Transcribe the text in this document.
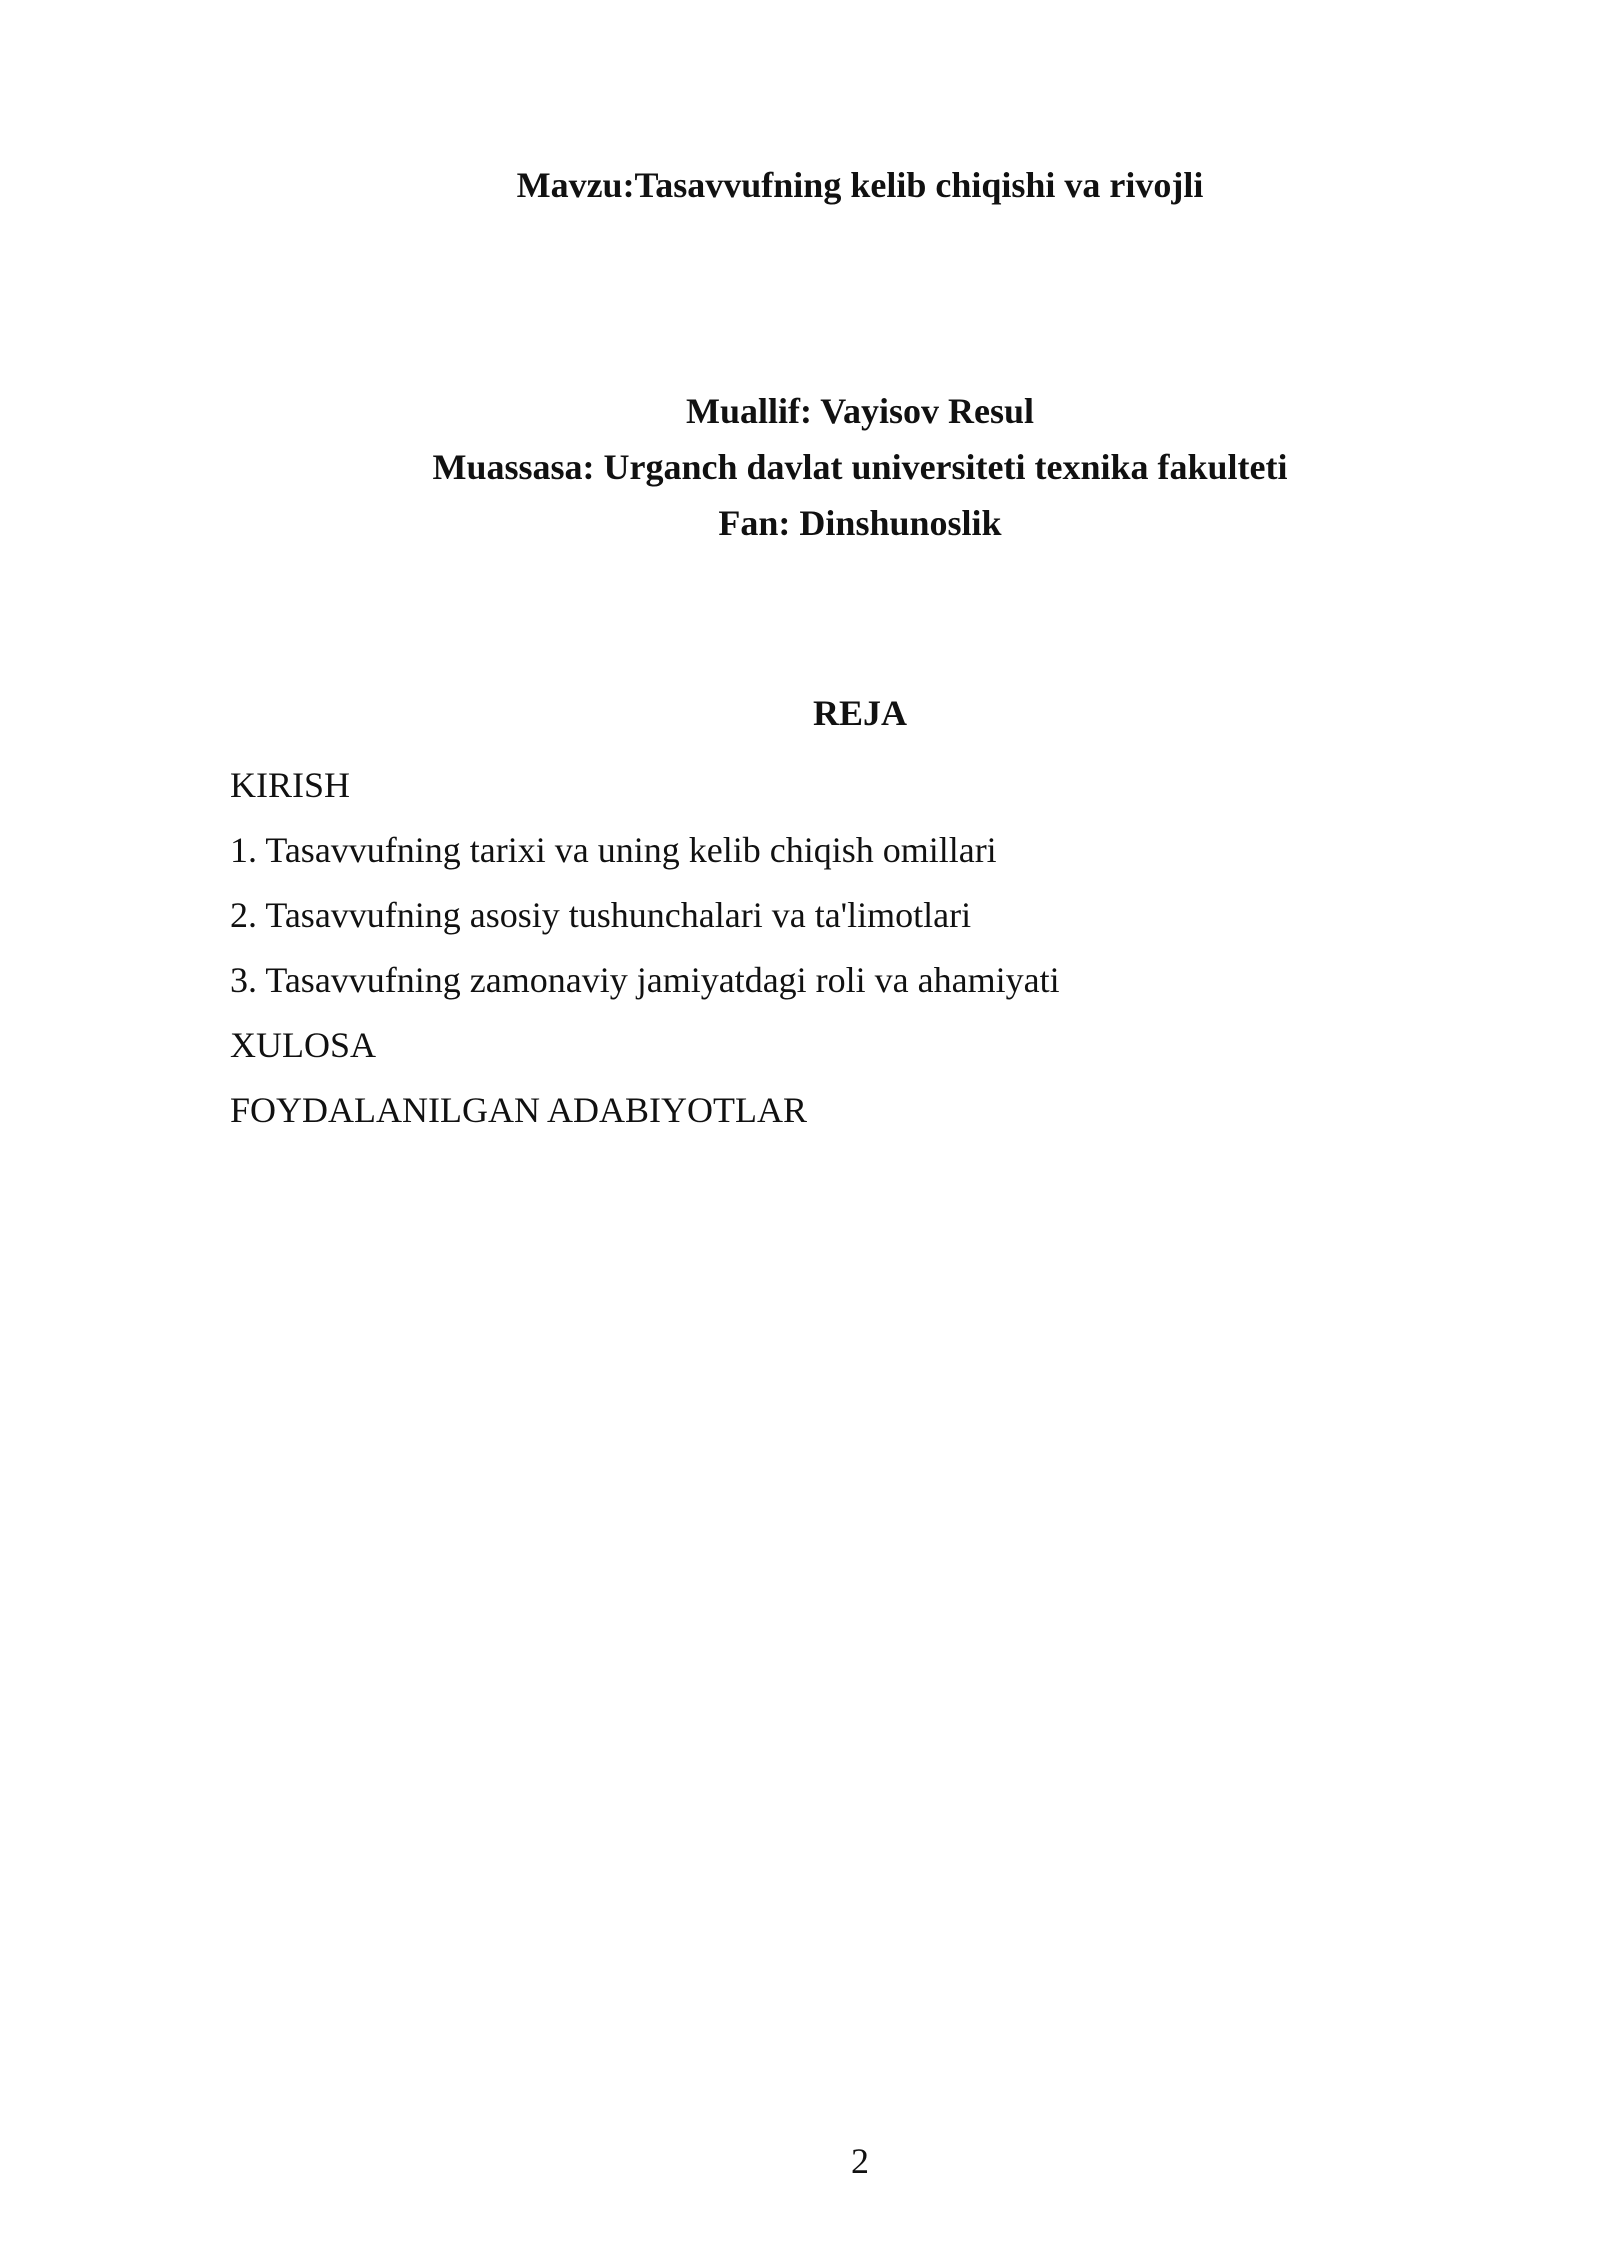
Mavzu:Tasavvufning kelib chiqishi va rivojli
Muallif: Vayisov Resul
Muassasa: Urganch davlat universiteti texnika fakulteti
Fan: Dinshunoslik
REJA
KIRISH
1. Tasavvufning tarixi va uning kelib chiqish omillari
2. Tasavvufning asosiy tushunchalari va ta'limotlari
3. Tasavvufning zamonaviy jamiyatdagi roli va ahamiyati
XULOSA
FOYDALANILGAN ADABIYOTLAR
2
